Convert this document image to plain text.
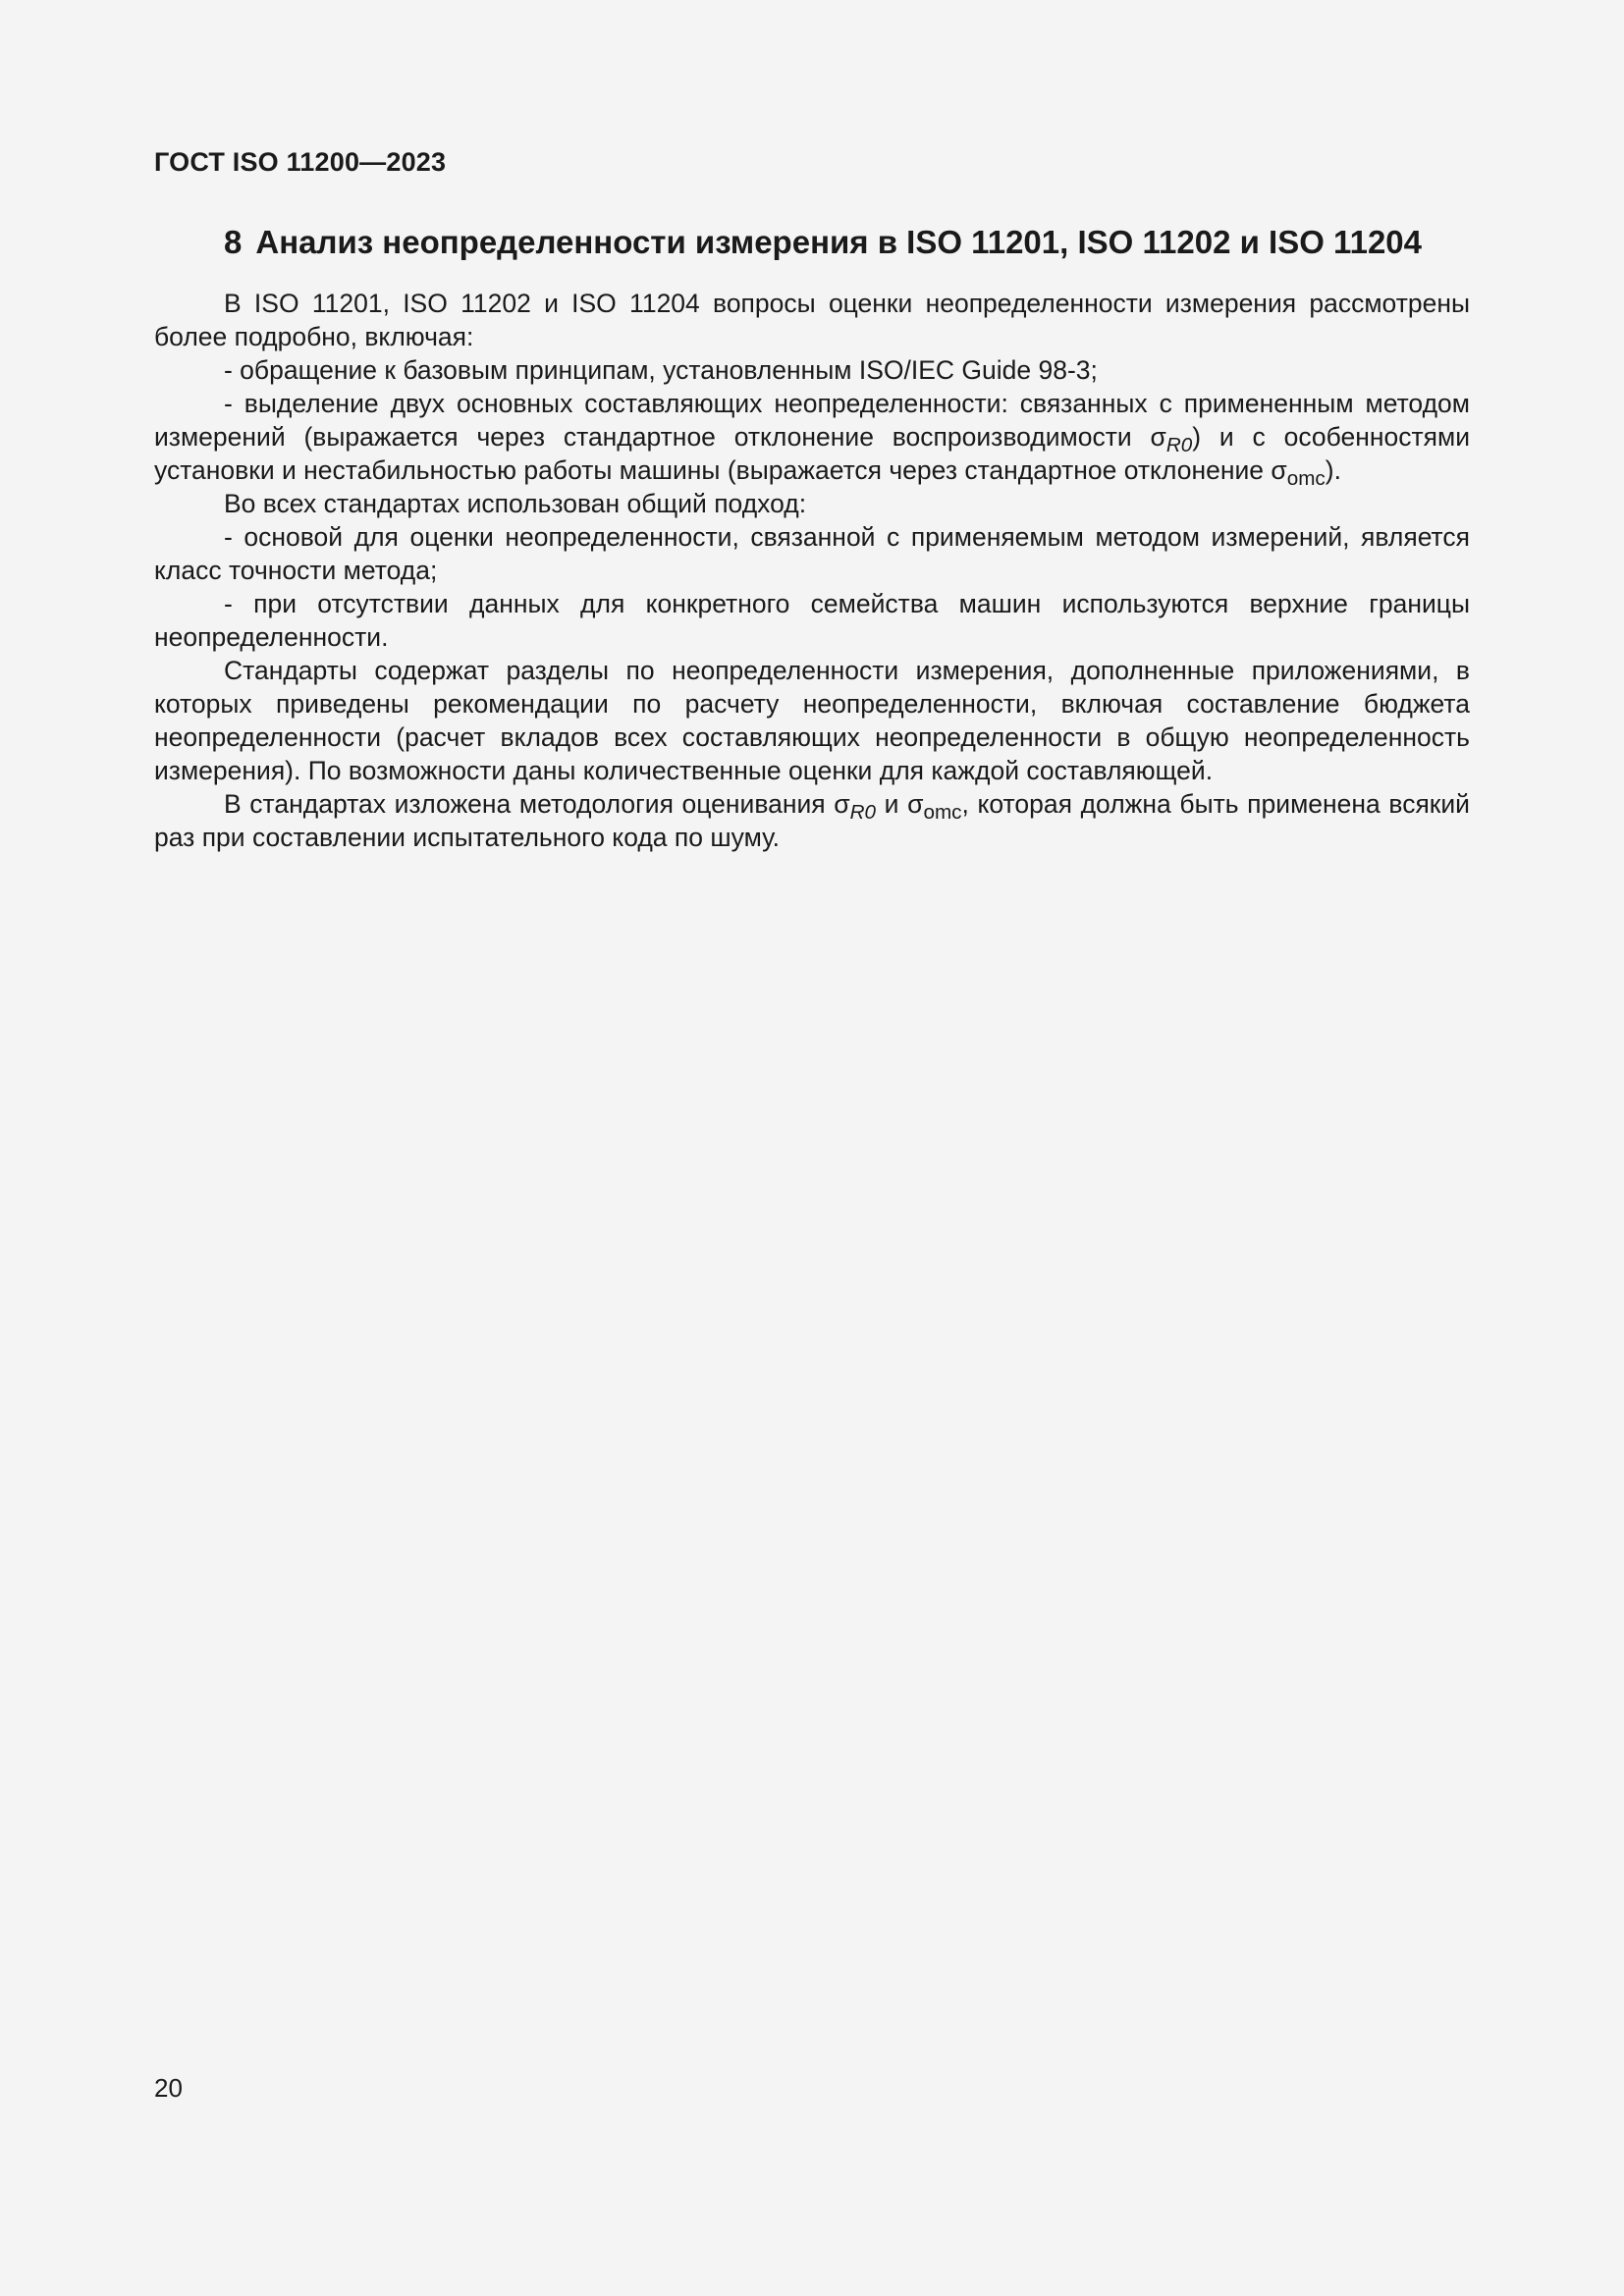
ГОСТ ISO 11200—2023
8 Анализ неопределенности измерения в ISO 11201, ISO 11202 и ISO 11204

В ISO 11201, ISO 11202 и ISO 11204 вопросы оценки неопределенности измерения рассмотрены более подробно, включая:

- обращение к базовым принципам, установленным ISO/IEC Guide 98-3;

- выделение двух основных составляющих неопределенности: связанных с примененным методом измерений (выражается через стандартное отклонение воспроизводимости $\sigma_{R0}$) и с особенностями установки и нестабильностью работы машины (выражается через стандартное отклонение $\sigma_{omc}$).

Во всех стандартах использован общий подход:

- основой для оценки неопределенности, связанной с применяемым методом измерений, является класс точности метода;

- при отсутствии данных для конкретного семейства машин используются верхние границы неопределенности.

Стандарты содержат разделы по неопределенности измерения, дополненные приложениями, в которых приведены рекомендации по расчету неопределенности, включая составление бюджета неопределенности (расчет вкладов всех составляющих неопределенности в общую неопределенность измерения). По возможности даны количественные оценки для каждой составляющей.

В стандартах изложена методология оценивания $\sigma_{R0}$ и $\sigma_{omc}$, которая должна быть применена всякий раз при составлении испытательного кода по шуму.

20
